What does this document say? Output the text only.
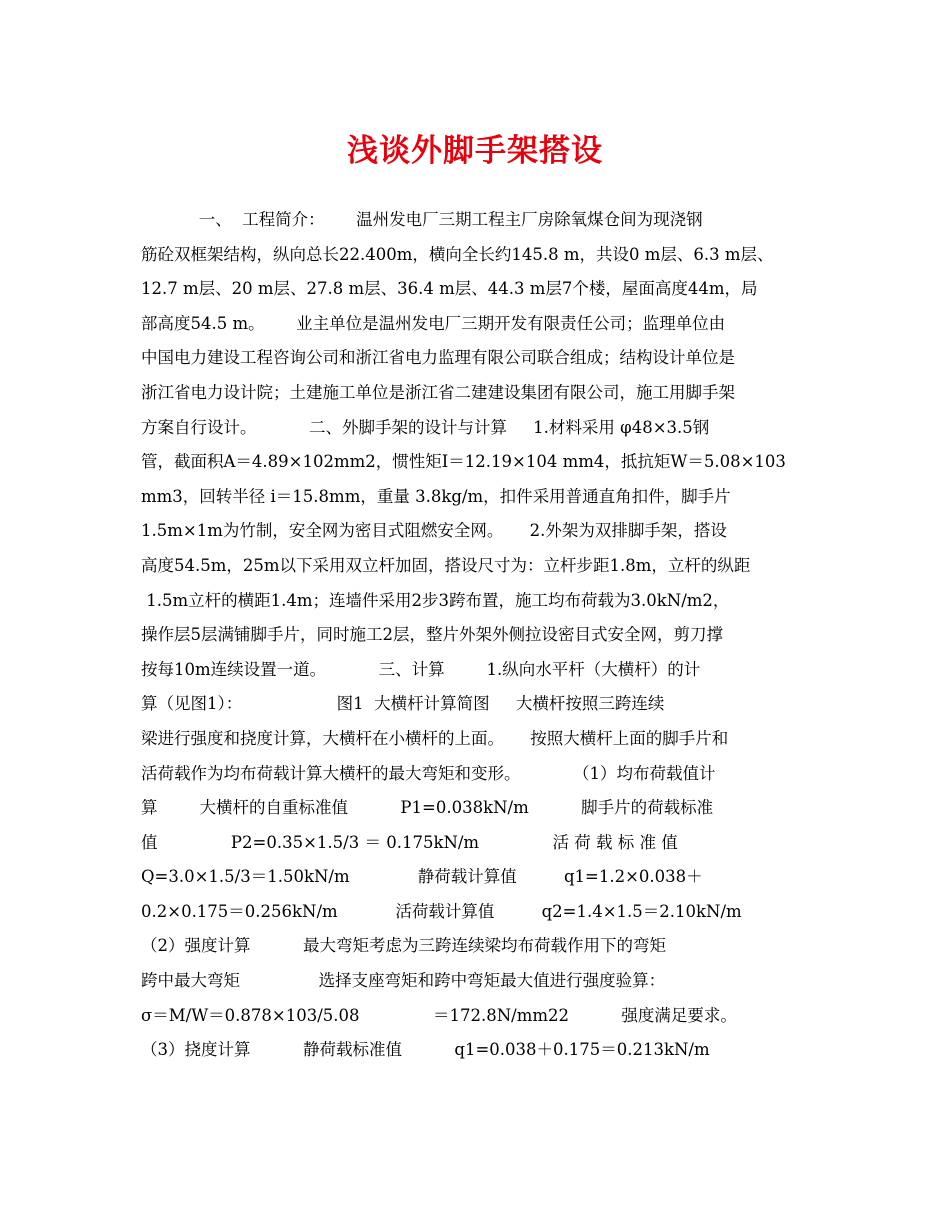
浅谈外脚手架搭设
一、  工程简介：      温州发电厂三期工程主厂房除氧煤仓间为现浇钢
筋砼双框架结构，纵向总长22.400m，横向全长约145.8 m，共设0 m层、6.3 m层、
12.7 m层、20 m层、27.8 m层、36.4 m层、44.3 m层7个楼，屋面高度44m，局
部高度54.5 m。      业主单位是温州发电厂三期开发有限责任公司；监理单位由
中国电力建设工程咨询公司和浙江省电力监理有限公司联合组成；结构设计单位是
浙江省电力设计院；土建施工单位是浙江省二建建设集团有限公司，施工用脚手架
方案自行设计。          二、外脚手架的设计与计算     1.材料采用 φ48×3.5钢
管，截面积A＝4.89×102mm2，惯性矩I＝12.19×104 mm4，抵抗矩W＝5.08×103
mm3，回转半径 i＝15.8mm，重量 3.8kg/m，扣件采用普通直角扣件，脚手片
1.5m×1m为竹制，安全网为密目式阻燃安全网。     2.外架为双排脚手架，搭设
高度54.5m，25m以下采用双立杆加固，搭设尺寸为：立杆步距1.8m，立杆的纵距
1.5m立杆的横距1.4m；连墙件采用2步3跨布置，施工均布荷载为3.0kN/m2，
操作层5层满铺脚手片，同时施工2层，整片外架外侧拉设密目式安全网，剪刀撑
按每10m连续设置一道。          三、计算        1.纵向水平杆（大横杆）的计
算（见图1）：                  图1  大横杆计算简图     大横杆按照三跨连续
梁进行强度和挠度计算，大横杆在小横杆的上面。     按照大横杆上面的脚手片和
活荷载作为均布荷载计算大横杆的最大弯矩和变形。          （1）均布荷载值计
算        大横杆的自重标准值          P1=0.038kN/m          脚手片的荷载标准
值              P2=0.35×1.5/3 ＝ 0.175kN/m              活 荷 载 标 准 值
Q=3.0×1.5/3＝1.50kN/m             静荷载计算值         q1=1.2×0.038＋
0.2×0.175＝0.256kN/m           活荷载计算值         q2=1.4×1.5＝2.10kN/m
（2）强度计算          最大弯矩考虑为三跨连续梁均布荷载作用下的弯矩
跨中最大弯矩               选择支座弯矩和跨中弯矩最大值进行强度验算：
σ＝M/W＝0.878×103/5.08              ＝172.8N/mm22          强度满足要求。
（3）挠度计算          静荷载标准值          q1=0.038＋0.175＝0.213kN/m
